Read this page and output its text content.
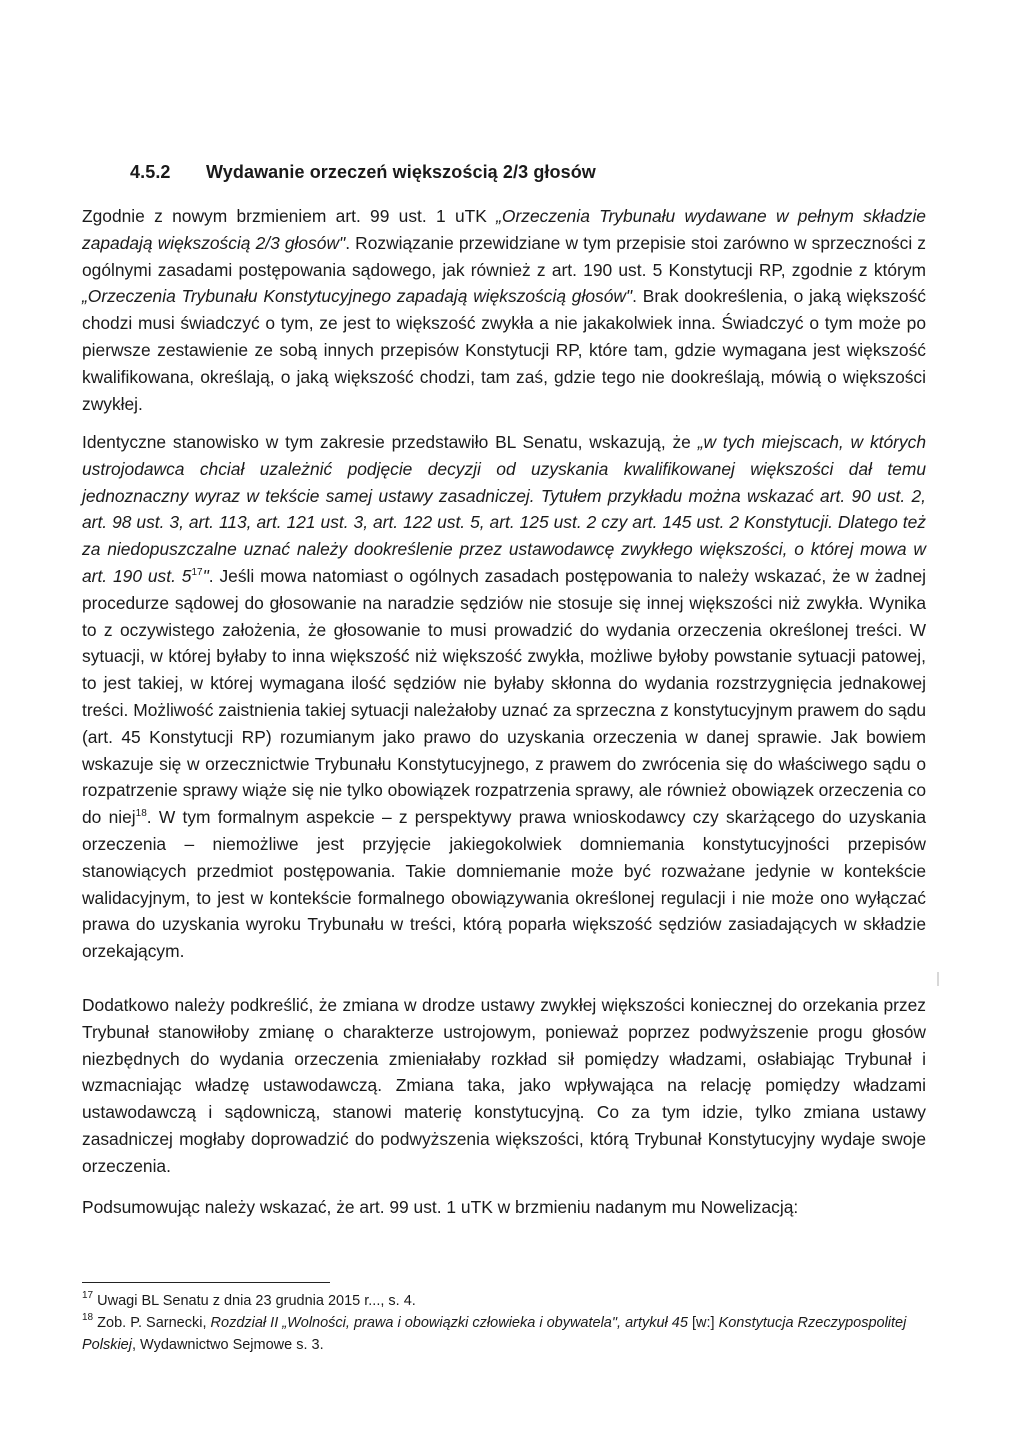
4.5.2 Wydawanie orzeczeń większością 2/3 głosów

Zgodnie z nowym brzmieniem art. 99 ust. 1 uTK „Orzeczenia Trybunału wydawane w pełnym składzie zapadają większością 2/3 głosów". Rozwiązanie przewidziane w tym przepisie stoi zarówno w sprzeczności z ogólnymi zasadami postępowania sądowego, jak również z art. 190 ust. 5 Konstytucji RP, zgodnie z którym „Orzeczenia Trybunału Konstytucyjnego zapadają większością głosów". Brak dookreślenia, o jaką większość chodzi musi świadczyć o tym, ze jest to większość zwykła a nie jakakolwiek inna. Świadczyć o tym może po pierwsze zestawienie ze sobą innych przepisów Konstytucji RP, które tam, gdzie wymagana jest większość kwalifikowana, określają, o jaką większość chodzi, tam zaś, gdzie tego nie dookreślają, mówią o większości zwykłej.

Identyczne stanowisko w tym zakresie przedstawiło BL Senatu, wskazują, że „w tych miejscach, w których ustrojodawca chciał uzależnić podjęcie decyzji od uzyskania kwalifikowanej większości dał temu jednoznaczny wyraz w tekście samej ustawy zasadniczej. Tytułem przykładu można wskazać art. 90 ust. 2, art. 98 ust. 3, art. 113, art. 121 ust. 3, art. 122 ust. 5, art. 125 ust. 2 czy art. 145 ust. 2 Konstytucji. Dlatego też za niedopuszczalne uznać należy dookreślenie przez ustawodawcę zwykłego większości, o której mowa w art. 190 ust. $5^{17}$". Jeśli mowa natomiast o ogólnych zasadach postępowania to należy wskazać, że w żadnej procedurze sądowej do głosowanie na naradzie sędziów nie stosuje się innej większości niż zwykła. Wynika to z oczywistego założenia, że głosowanie to musi prowadzić do wydania orzeczenia określonej treści. W sytuacji, w której byłaby to inna większość niż większość zwykła, możliwe byłoby powstanie sytuacji patowej, to jest takiej, w której wymagana ilość sędziów nie byłaby skłonna do wydania rozstrzygnięcia jednakowej treści. Możliwość zaistnienia takiej sytuacji należałoby uznać za sprzeczna z konstytucyjnym prawem do sądu (art. 45 Konstytucji RP) rozumianym jako prawo do uzyskania orzeczenia w danej sprawie. Jak bowiem wskazuje się w orzecznictwie Trybunału Konstytucyjnego, z prawem do zwrócenia się do właściwego sądu o rozpatrzenie sprawy wiąże się nie tylko obowiązek rozpatrzenia sprawy, ale również obowiązek orzeczenia co do niej$^{18}$. W tym formalnym aspekcie – z perspektywy prawa wnioskodawcy czy skarżącego do uzyskania orzeczenia – niemożliwe jest przyjęcie jakiegokolwiek domniemania konstytucyjności przepisów stanowiących przedmiot postępowania. Takie domniemanie może być rozważane jedynie w kontekście walidacyjnym, to jest w kontekście formalnego obowiązywania określonej regulacji i nie może ono wyłączać prawa do uzyskania wyroku Trybunału w treści, którą poparła większość sędziów zasiadających w składzie orzekającym.

Dodatkowo należy podkreślić, że zmiana w drodze ustawy zwykłej większości koniecznej do orzekania przez Trybunał stanowiłoby zmianę o charakterze ustrojowym, ponieważ poprzez podwyższenie progu głosów niezbędnych do wydania orzeczenia zmieniałaby rozkład sił pomiędzy władzami, osłabiając Trybunał i wzmacniając władzę ustawodawczą. Zmiana taka, jako wpływająca na relację pomiędzy władzami ustawodawczą i sądowniczą, stanowi materię konstytucyjną. Co za tym idzie, tylko zmiana ustawy zasadniczej mogłaby doprowadzić do podwyższenia większości, którą Trybunał Konstytucyjny wydaje swoje orzeczenia.

Podsumowując należy wskazać, że art. 99 ust. 1 uTK w brzmieniu nadanym mu Nowelizacją:

$^{17}$ Uwagi BL Senatu z dnia 23 grudnia 2015 r..., s. 4.

$^{18}$ Zob. P. Sarnecki, Rozdział II „Wolności, prawa i obowiązki człowieka i obywatela", artykuł 45 [w:] Konstytucja Rzeczypospolitej Polskiej, Wydawnictwo Sejmowe s. 3.
